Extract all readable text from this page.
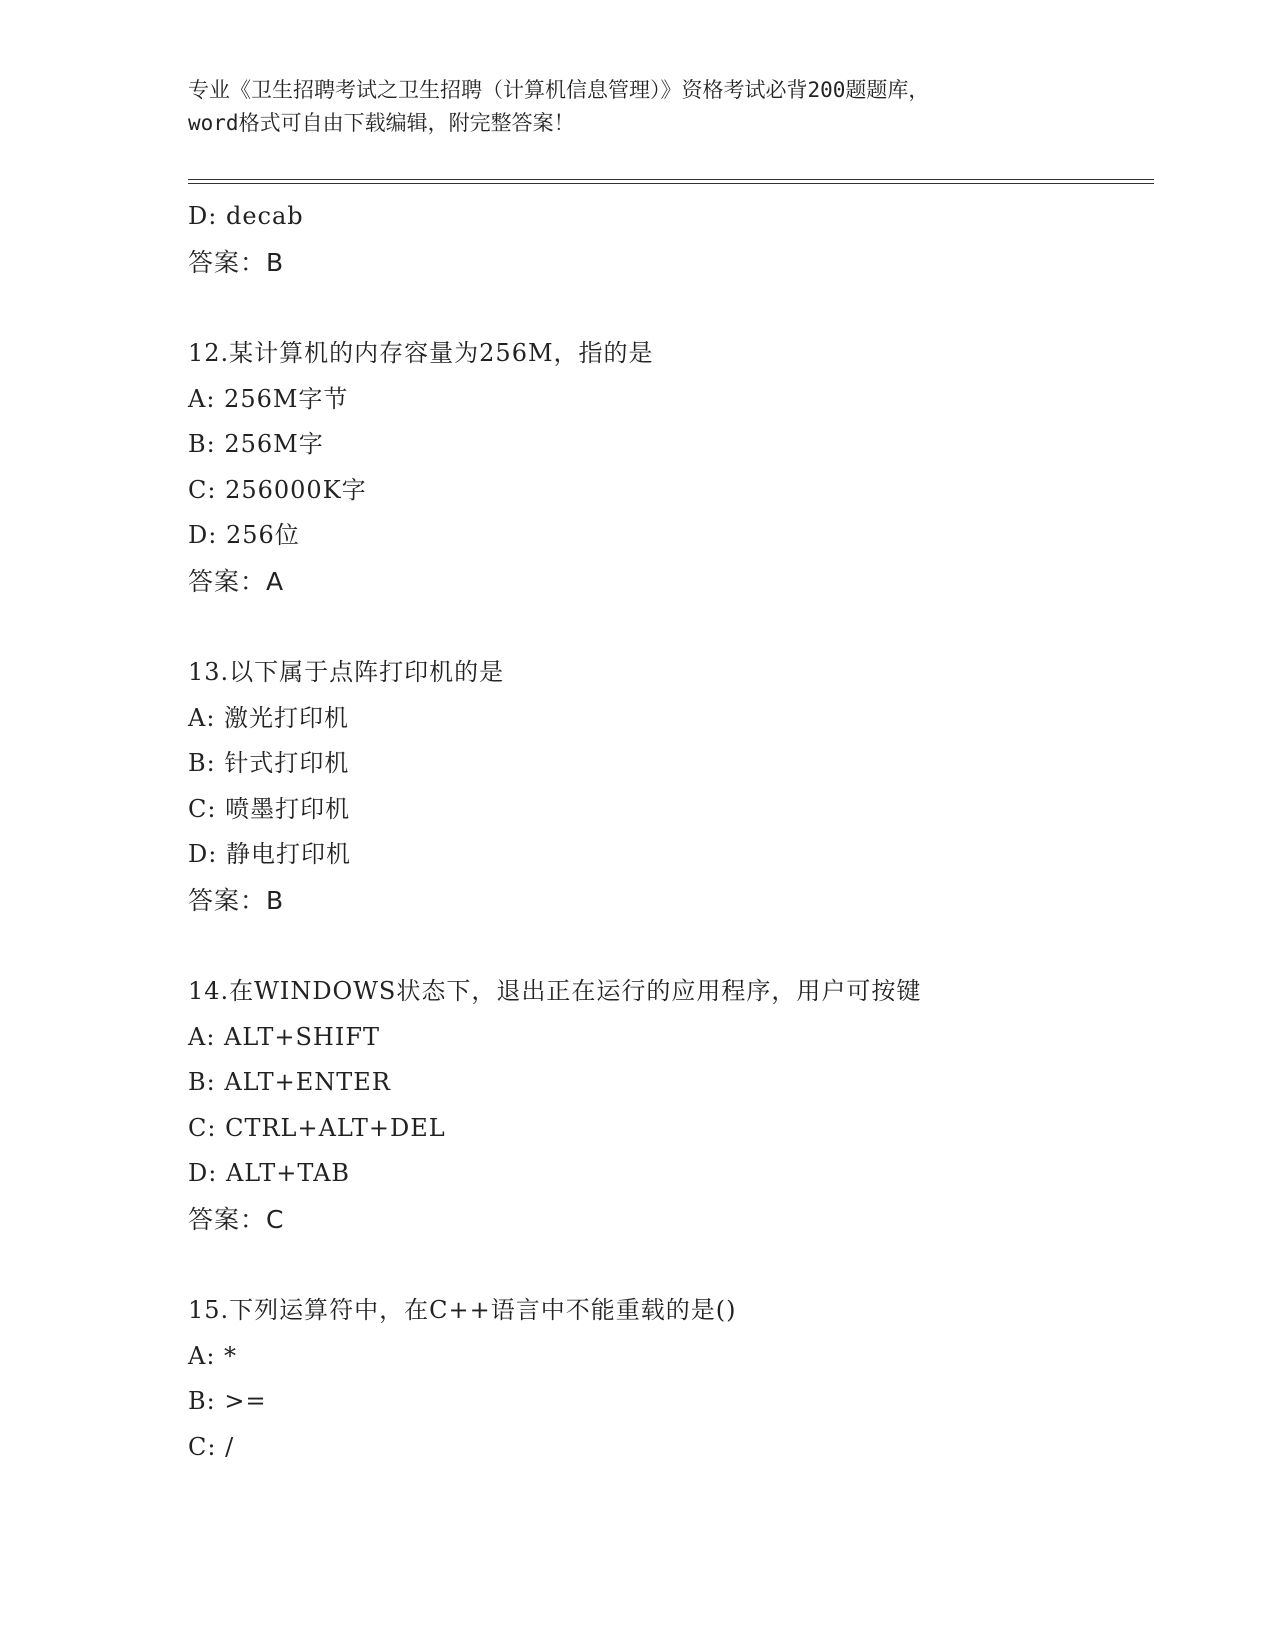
专业《卫生招聘考试之卫生招聘（计算机信息管理）》资格考试必背200题题库，
word格式可自由下载编辑，附完整答案！
D: decab
答案：B
12.某计算机的内存容量为256M，指的是
A: 256M字节
B: 256M字
C: 256000K字
D: 256位
答案：A
13.以下属于点阵打印机的是
A: 激光打印机
B: 针式打印机
C: 喷墨打印机
D: 静电打印机
答案：B
14.在WINDOWS状态下，退出正在运行的应用程序，用户可按键
A: ALT+SHIFT
B: ALT+ENTER
C: CTRL+ALT+DEL
D: ALT+TAB
答案：C
15.下列运算符中，在C++语言中不能重载的是()
A: *
B: >=
C: /
